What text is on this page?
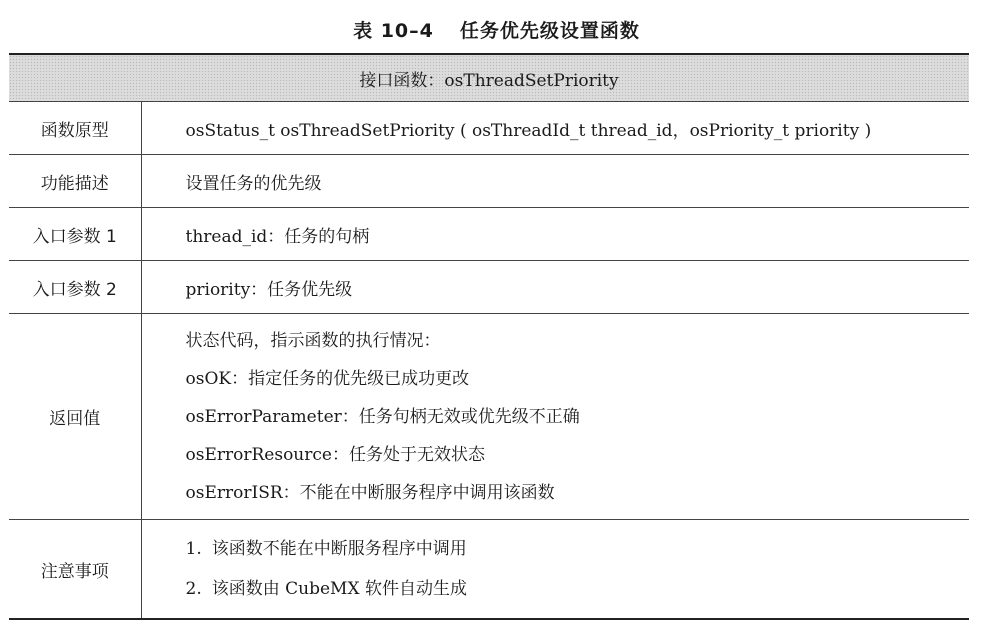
表 10–4 任务优先级设置函数
接口函数：osThreadSetPriority	
函数原型	osStatus_t osThreadSetPriority ( osThreadId_t thread_id，osPriority_t priority )
功能描述	设置任务的优先级
入口参数 1	thread_id：任务的句柄
入口参数 2	priority：任务优先级
返回值	状态代码，指示函数的执行情况：
osOK：指定任务的优先级已成功更改
osErrorParameter：任务句柄无效或优先级不正确
osErrorResource：任务处于无效状态
osErrorISR：不能在中断服务程序中调用该函数

注意事项	1. 该函数不能在中断服务程序中调用
2. 该函数由 CubeMX 软件自动生成
